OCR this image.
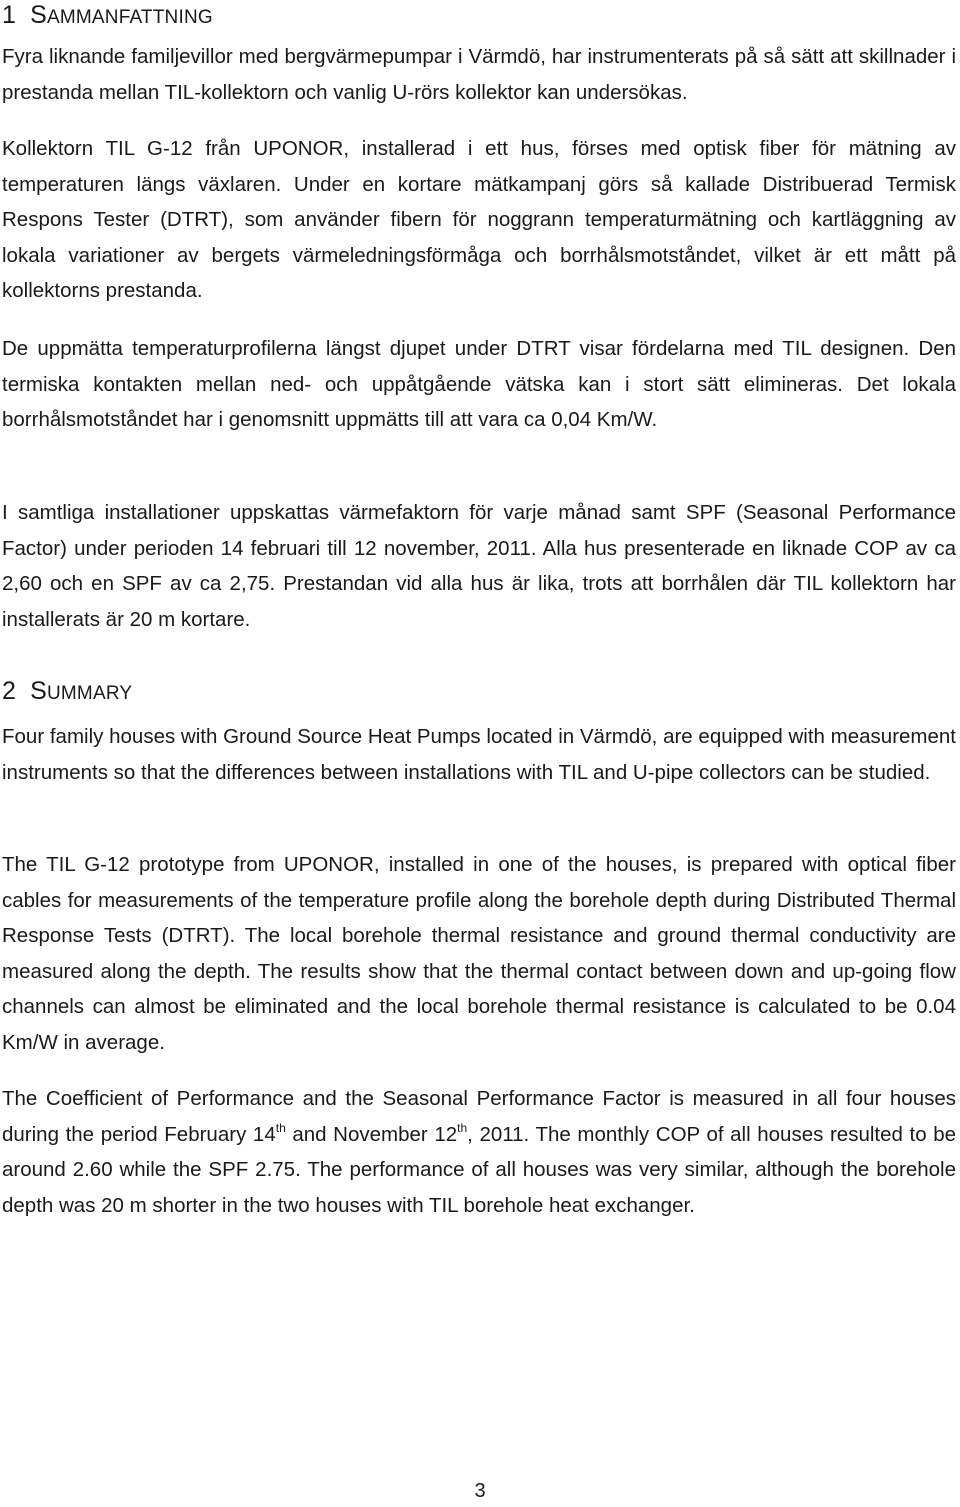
1 SAMMANFATTNING

Fyra liknande familjevillor med bergvärmepumpar i Värmdö, har instrumenterats på så sätt att skillnader i prestanda mellan TIL-kollektorn och vanlig U-rörs kollektor kan undersökas.

Kollektorn TIL G-12 från UPONOR, installerad i ett hus, förses med optisk fiber för mätning av temperaturen längs växlaren. Under en kortare mätkampanj görs så kallade Distribuerad Termisk Respons Tester (DTRT), som använder fibern för noggrann temperaturmätning och kartläggning av lokala variationer av bergets värmeledningsförmåga och borrhålsmotståndet, vilket är ett mått på kollektorns prestanda.

De uppmätta temperaturprofilerna längst djupet under DTRT visar fördelarna med TIL designen. Den termiska kontakten mellan ned- och uppåtgående vätska kan i stort sätt elimineras. Det lokala borrhålsmotståndet har i genomsnitt uppmätts till att vara ca 0,04 Km/W.

I samtliga installationer uppskattas värmefaktorn för varje månad samt SPF (Seasonal Performance Factor) under perioden 14 februari till 12 november, 2011. Alla hus presenterade en liknade COP av ca 2,60 och en SPF av ca 2,75. Prestandan vid alla hus är lika, trots att borrhålen där TIL kollektorn har installerats är 20 m kortare.

2 SUMMARY

Four family houses with Ground Source Heat Pumps located in Värmdö, are equipped with measurement instruments so that the differences between installations with TIL and U-pipe collectors can be studied.

The TIL G-12 prototype from UPONOR, installed in one of the houses, is prepared with optical fiber cables for measurements of the temperature profile along the borehole depth during Distributed Thermal Response Tests (DTRT). The local borehole thermal resistance and ground thermal conductivity are measured along the depth. The results show that the thermal contact between down and up-going flow channels can almost be eliminated and the local borehole thermal resistance is calculated to be 0.04 Km/W in average.

The Coefficient of Performance and the Seasonal Performance Factor is measured in all four houses during the period February 14th and November 12th, 2011. The monthly COP of all houses resulted to be around 2.60 while the SPF 2.75. The performance of all houses was very similar, although the borehole depth was 20 m shorter in the two houses with TIL borehole heat exchanger.

3
